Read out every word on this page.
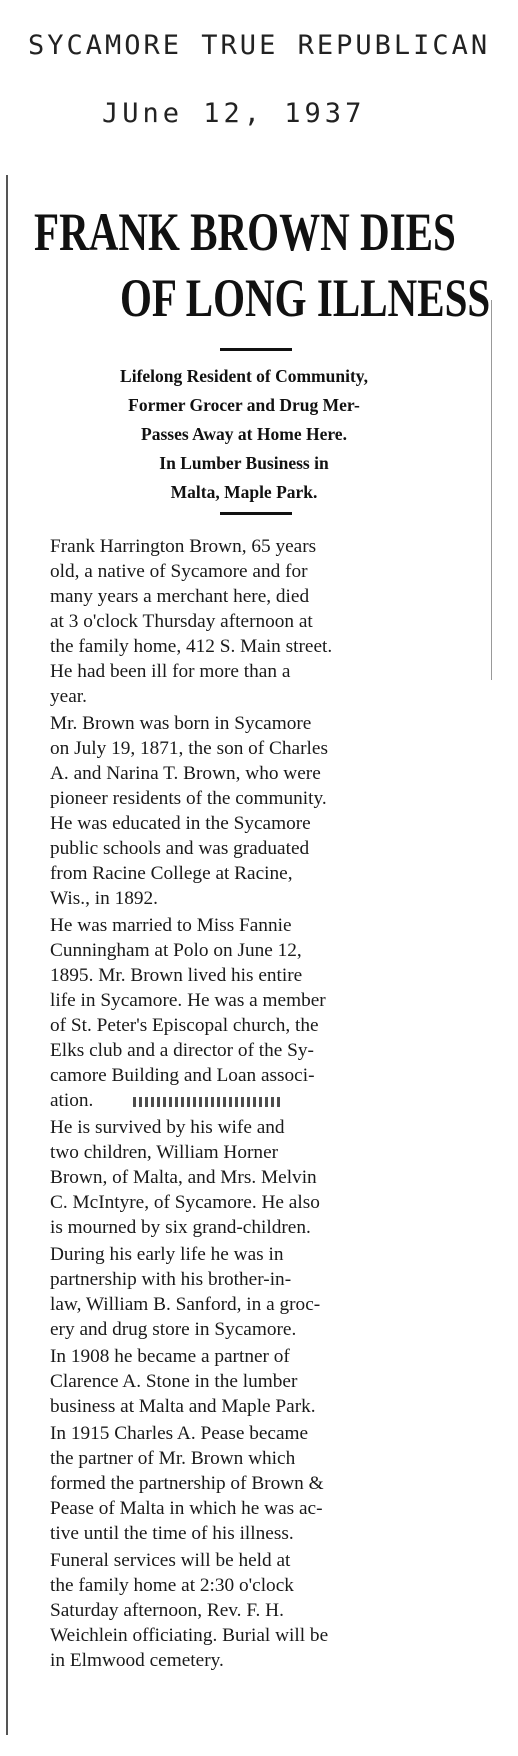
SYCAMORE TRUE REPUBLICAN
JUne 12, 1937
FRANK BROWN DIES
OF LONG ILLNESS
Lifelong Resident of Community,
Former Grocer and Drug Mer-
Passes Away at Home Here.
In Lumber Business in
Malta, Maple Park.

Frank Harrington Brown, 65 years
old, a native of Sycamore and for
many years a merchant here, died
at 3 o'clock Thursday afternoon at
the family home, 412 S. Main street.
He had been ill for more than a
year.

Mr. Brown was born in Sycamore
on July 19, 1871, the son of Charles
A. and Narina T. Brown, who were
pioneer residents of the community.
He was educated in the Sycamore
public schools and was graduated
from Racine College at Racine,
Wis., in 1892.

He was married to Miss Fannie
Cunningham at Polo on June 12,
1895. Mr. Brown lived his entire
life in Sycamore. He was a member
of St. Peter's Episcopal church, the
Elks club and a director of the Sy-
camore Building and Loan associ-
ation.

He is survived by his wife and
two children, William Horner
Brown, of Malta, and Mrs. Melvin
C. McIntyre, of Sycamore. He also
is mourned by six grand-children.

During his early life he was in
partnership with his brother-in-
law, William B. Sanford, in a groc-
ery and drug store in Sycamore.

In 1908 he became a partner of
Clarence A. Stone in the lumber
business at Malta and Maple Park.

In 1915 Charles A. Pease became
the partner of Mr. Brown which
formed the partnership of Brown &
Pease of Malta in which he was ac-
tive until the time of his illness.

Funeral services will be held at
the family home at 2:30 o'clock
Saturday afternoon, Rev. F. H.
Weichlein officiating. Burial will be
in Elmwood cemetery.
